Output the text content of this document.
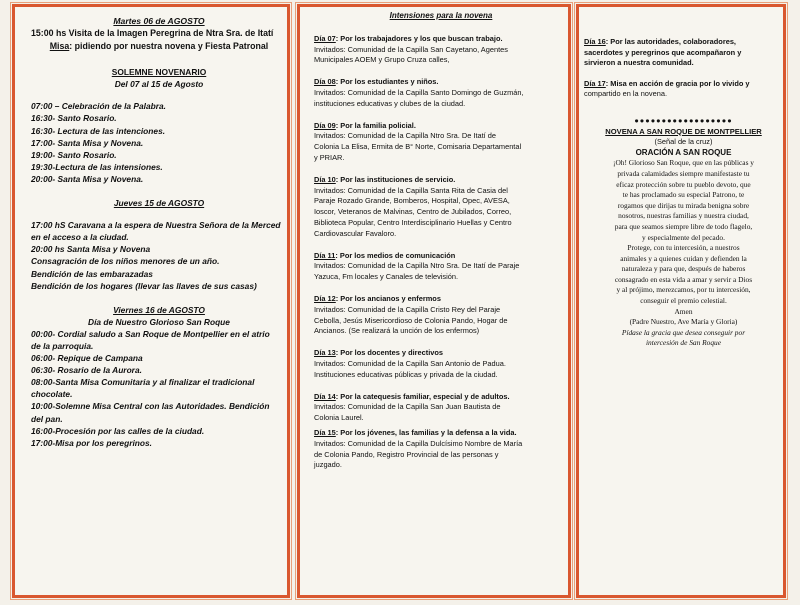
Martes 06 de AGOSTO
15:00 hs Visita de la Imagen Peregrina de Ntra Sra. de Itatí
Misa: pidiendo por nuestra novena y Fiesta Patronal
SOLEMNE NOVENARIO
Del 07 al 15 de Agosto
07:00 – Celebración de la Palabra.
16:30- Santo Rosario.
16:30- Lectura de las intenciones.
17:00- Santa Misa y Novena.
19:00- Santo Rosario.
19:30-Lectura de las intensiones.
20:00- Santa Misa y Novena.
Jueves 15 de AGOSTO
17:00 hS Caravana a la espera de Nuestra Señora de la Merced
en el acceso a la ciudad.
20:00 hs Santa Misa y Novena
Consagración de los niños menores de un año.
Bendición de las embarazadas
Bendición de los hogares (llevar las llaves de sus casas)
Viernes 16 de AGOSTO
Día de Nuestro Glorioso San Roque
00:00- Cordial saludo a San Roque de Montpellier en el atrio
de la parroquia.
06:00- Repique de Campana
06:30- Rosario de la Aurora.
08:00-Santa Misa Comunitaria y al finalizar el tradicional
chocolate.
10:00-Solemne Misa Central con las Autoridades. Bendición
del pan.
16:00-Procesión por las calles de la ciudad.
17:00-Misa por los peregrinos.
Intensiones para la novena
Día 07: Por los trabajadores y los que buscan trabajo.
Invitados: Comunidad de la Capilla San Cayetano, Agentes
Municipales AOEM y Grupo Cruza calles,
Día 08: Por los estudiantes y niños.
Invitados: Comunidad de la Capilla Santo Domingo de Guzmán,
instituciones educativas y clubes de la ciudad.
Día 09: Por la familia policial.
Invitados: Comunidad de la Capilla Ntro Sra. De Itatí de
Colonia La Elisa, Ermita de B° Norte, Comisaria Departamental
y PRIAR.
Día 10: Por las instituciones de servicio.
Invitados: Comunidad de la Capilla Santa Rita de Casia del
Paraje Rozado Grande, Bomberos, Hospital, Opec, AVESA,
Ioscor, Veteranos de Malvinas, Centro de Jubilados, Correo,
Biblioteca Popular, Centro Interdisciplinario Huellas y Centro
Cardiovascular Favaloro.
Día 11: Por los medios de comunicación
Invitados: Comunidad de la Capilla Ntro Sra. De Itatí de Paraje
Yazuca, Fm locales y Canales de televisión.
Día 12: Por los ancianos y enfermos
Invitados: Comunidad de la Capilla Cristo Rey del Paraje
Cebolla, Jesús Misericordioso de Colonia Pando, Hogar de
Ancianos. (Se realizará la unción de los enfermos)
Día 13: Por los docentes y directivos
Invitados: Comunidad de la Capilla San Antonio de Padua.
Instituciones educativas públicas y privada de la ciudad.
Día 14: Por la catequesis familiar, especial y de adultos.
Invitados: Comunidad de la Capilla San Juan Bautista de
Colonia Laurel.
Día 15: Por los jóvenes, las familias y la defensa a la vida.
Invitados: Comunidad de la Capilla Dulcísimo Nombre de María
de Colonia Pando, Registro Provincial de las personas y
juzgado.
Día 16: Por las autoridades, colaboradores,
sacerdotes y peregrinos que acompañaron y
sirvieron a nuestra comunidad.
Día 17: Misa en acción de gracia por lo vivido y
compartido en la novena.
●●●●●●●●●●●●●●●●●●
NOVENA A SAN ROQUE DE MONTPELLIER
(Señal de la cruz)
ORACIÓN A SAN ROQUE
¡Oh! Glorioso San Roque, que en las públicas y
privada calamidades siempre manifestaste tu
eficaz protección sobre tu pueblo devoto, que
te has proclamado su especial Patrono, te
rogamos que dirijas tu mirada benigna sobre
nosotros, nuestras familias y nuestra ciudad,
para que seamos siempre libre de todo flagelo,
y especialmente del pecado.
Protege, con tu intercesión, a nuestros
animales y a quienes cuidan y defienden la
naturaleza y para que, después de haberos
consagrado en esta vida a amar y servir a Dios
y al prójimo, merezcamos, por tu intercesión,
conseguir el premio celestial.
Amen
(Padre Nuestro, Ave María y Gloria)
Pídase la gracia que desea conseguir por
intercesión de San Roque
